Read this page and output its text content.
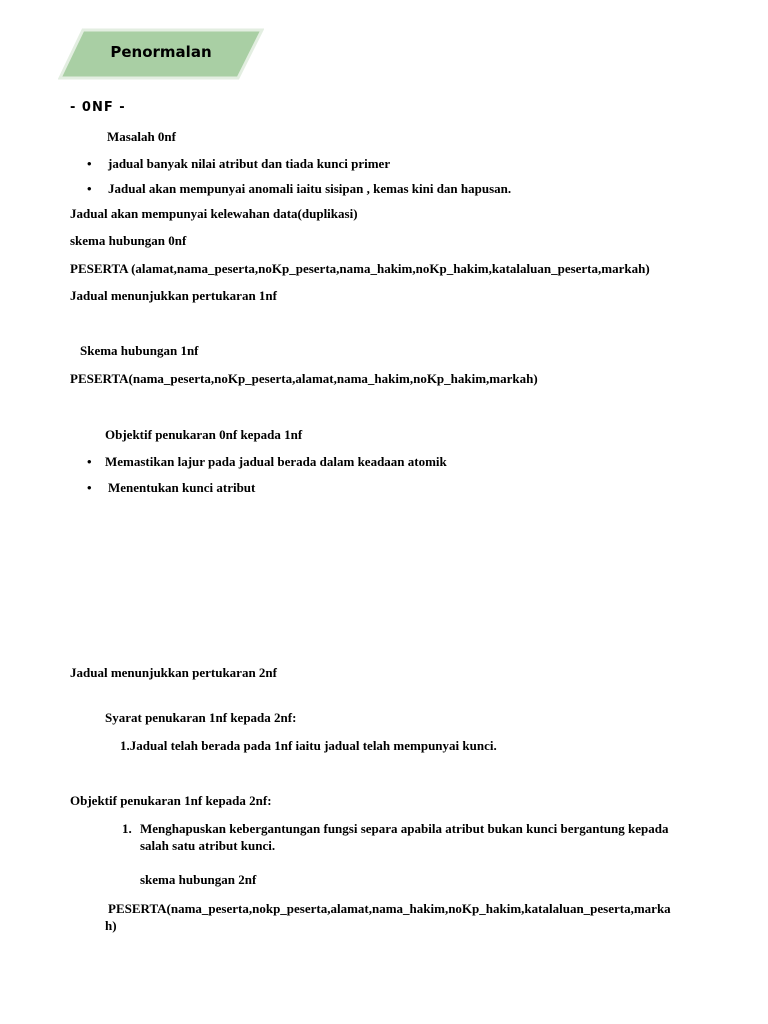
Penormalan
- 0NF -
Masalah 0nf
• jadual banyak nilai atribut dan tiada kunci primer
• Jadual akan mempunyai anomali iaitu sisipan , kemas kini dan hapusan.
Jadual akan mempunyai kelewahan data(duplikasi)
skema hubungan 0nf
PESERTA (alamat,nama_peserta,noKp_peserta,nama_hakim,noKp_hakim,katalaluan_peserta,markah)
Jadual menunjukkan pertukaran 1nf
Skema hubungan 1nf
PESERTA(nama_peserta,noKp_peserta,alamat,nama_hakim,noKp_hakim,markah)
Objektif penukaran 0nf kepada 1nf
• Memastikan lajur pada jadual berada dalam keadaan atomik
• Menentukan kunci atribut
Jadual menunjukkan pertukaran 2nf
Syarat penukaran 1nf kepada 2nf:
1.Jadual telah berada pada 1nf iaitu jadual telah mempunyai kunci.
Objektif penukaran 1nf kepada 2nf:
1. Menghapuskan kebergantungan fungsi separa apabila atribut bukan kunci bergantung kepada
salah satu atribut kunci.
skema hubungan 2nf
PESERTA(nama_peserta,nokp_peserta,alamat,nama_hakim,noKp_hakim,katalaluan_peserta,marka
h)
